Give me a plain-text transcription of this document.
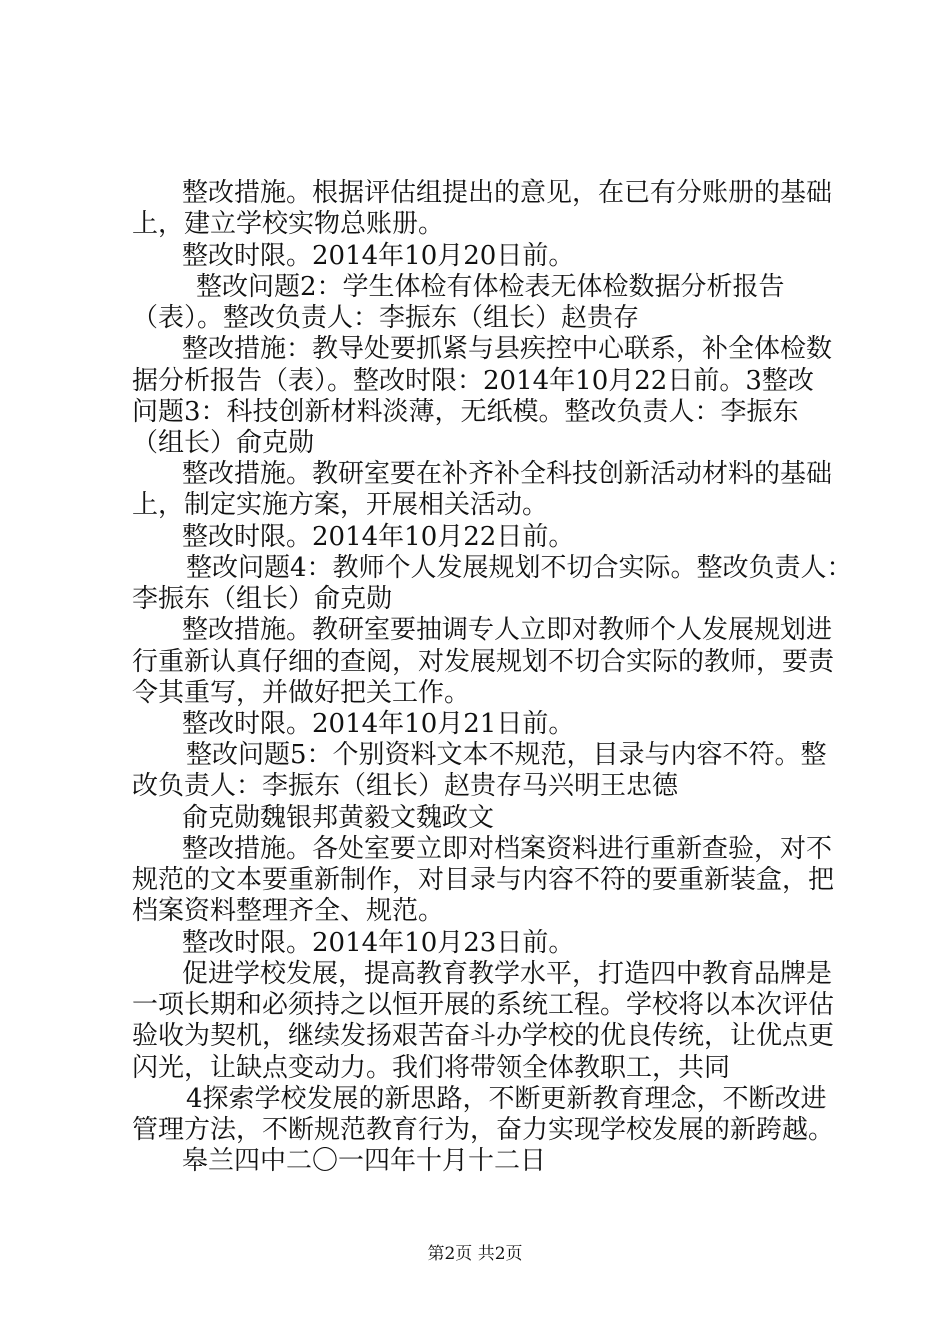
整改措施。根据评估组提出的意见，在已有分账册的基础
上，建立学校实物总账册。
整改时限。2014年10月20日前。
整改问题2：学生体检有体检表无体检数据分析报告
（表）。整改负责人：李振东（组长）赵贵存
整改措施：教导处要抓紧与县疾控中心联系，补全体检数
据分析报告（表）。整改时限：2014年10月22日前。3整改
问题3：科技创新材料淡薄，无纸模。整改负责人：李振东
（组长）俞克勋
整改措施。教研室要在补齐补全科技创新活动材料的基础
上，制定实施方案，开展相关活动。
整改时限。2014年10月22日前。
整改问题4：教师个人发展规划不切合实际。整改负责人：
李振东（组长）俞克勋
整改措施。教研室要抽调专人立即对教师个人发展规划进
行重新认真仔细的查阅，对发展规划不切合实际的教师，要责
令其重写，并做好把关工作。
整改时限。2014年10月21日前。
整改问题5：个别资料文本不规范，目录与内容不符。整
改负责人：李振东（组长）赵贵存马兴明王忠德
俞克勋魏银邦黄毅文魏政文
整改措施。各处室要立即对档案资料进行重新查验，对不
规范的文本要重新制作，对目录与内容不符的要重新装盒，把
档案资料整理齐全、规范。
整改时限。2014年10月23日前。
促进学校发展，提高教育教学水平，打造四中教育品牌是
一项长期和必须持之以恒开展的系统工程。学校将以本次评估
验收为契机，继续发扬艰苦奋斗办学校的优良传统，让优点更
闪光，让缺点变动力。我们将带领全体教职工，共同
4探索学校发展的新思路，不断更新教育理念，不断改进
管理方法，不断规范教育行为，奋力实现学校发展的新跨越。
皋兰四中二〇一四年十月十二日
第2页 共2页
